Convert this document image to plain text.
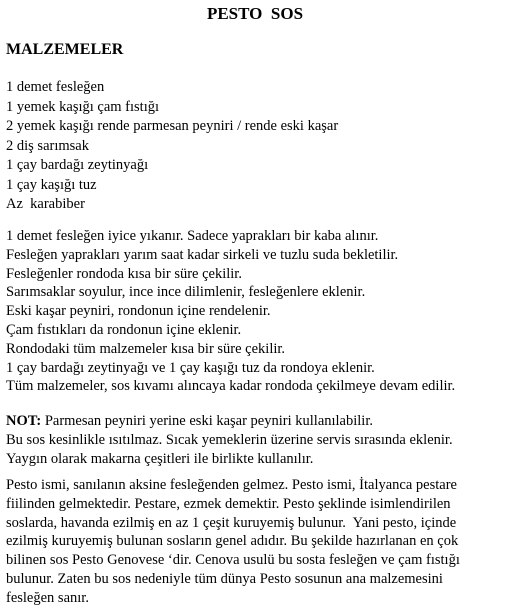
PESTO  SOS
MALZEMELER
1 demet fesleğen
1 yemek kaşığı çam fıstığı
2 yemek kaşığı rende parmesan peyniri / rende eski kaşar
2 diş sarımsak
1 çay bardağı zeytinyağı
1 çay kaşığı tuz
Az  karabiber
1 demet fesleğen iyice yıkanır. Sadece yaprakları bir kaba alınır.
Fesleğen yaprakları yarım saat kadar sirkeli ve tuzlu suda bekletilir.
Fesleğenler rondoda kısa bir süre çekilir.
Sarımsaklar soyulur, ince ince dilimlenir, fesleğenlere eklenir.
Eski kaşar peyniri, rondonun içine rendelenir.
Çam fıstıkları da rondonun içine eklenir.
Rondodaki tüm malzemeler kısa bir süre çekilir.
1 çay bardağı zeytinyağı ve 1 çay kaşığı tuz da rondoya eklenir.
Tüm malzemeler, sos kıvamı alıncaya kadar rondoda çekilmeye devam edilir.
NOT: Parmesan peyniri yerine eski kaşar peyniri kullanılabilir.
Bu sos kesinlikle ısıtılmaz. Sıcak yemeklerin üzerine servis sırasında eklenir.
Yaygın olarak makarna çeşitleri ile birlikte kullanılır.
Pesto ismi, sanılanın aksine fesleğenden gelmez. Pesto ismi, İtalyanca pestare
fiilinden gelmektedir. Pestare, ezmek demektir. Pesto şeklinde isimlendirilen
soslarda, havanda ezilmiş en az 1 çeşit kuruyemiş bulunur.  Yani pesto, içinde
ezilmiş kuruyemiş bulunan sosların genel adıdır. Bu şekilde hazırlanan en çok
bilinen sos Pesto Genovese ‘dir. Cenova usulü bu sosta fesleğen ve çam fıstığı
bulunur. Zaten bu sos nedeniyle tüm dünya Pesto sosunun ana malzemesini
fesleğen sanır.
